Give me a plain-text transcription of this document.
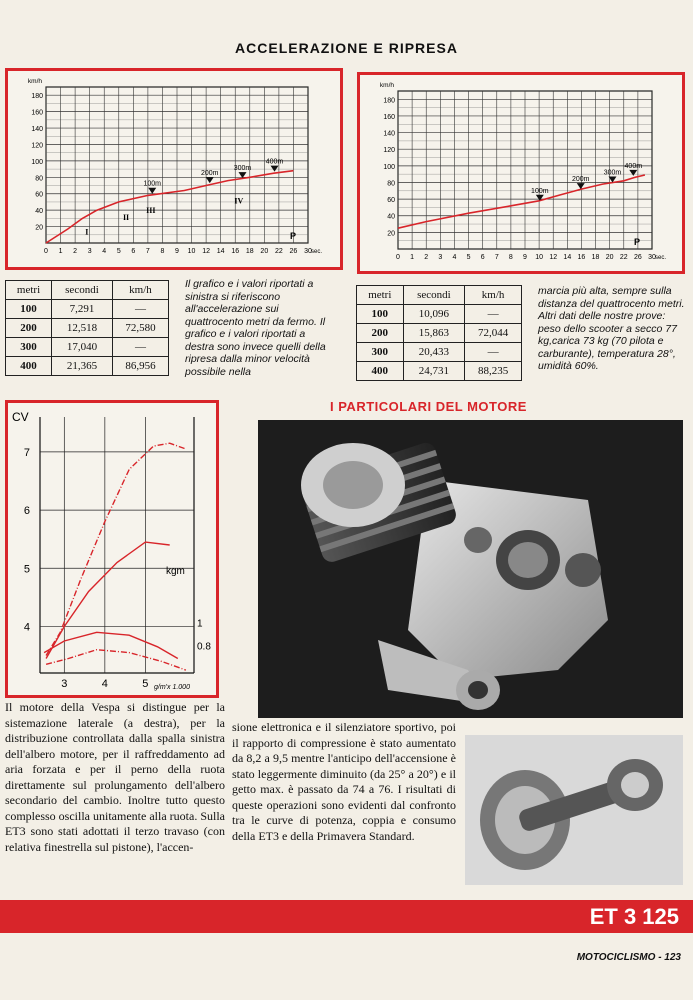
ACCELERAZIONE E RIPRESA
180
160
140
120
100
80
60
40
20
0 1 2 3 4 5 6 7 8 9 10 12 14 16 18 20 22 26 30
km/h
sec.
100m
200m
300m
400m
I
II
III
IV
P
180
160
140
120
100
80
60
40
20
0 1 2 3 4 5 6 7 8 9 10 12 14 16 18 20 22 26 30
km/h
sec.
100m
200m
300m
400m
P
metri	secondi	km/h
100	7,291	—
200	12,518	72,580
300	17,040	—
400	21,365	86,956
Il grafico e i valori riportati a sinistra si riferiscono all'accelerazione sui quattrocento metri da fermo. Il grafico e i valori riportati a destra sono invece quelli della ripresa dalla minor velocità possibile nella
metri	secondi	km/h
100	10,096	—
200	15,863	72,044
300	20,433	—
400	24,731	88,235
marcia più alta, sempre sulla distanza del quattrocento metri. Altri dati delle nostre prove: peso dello scooter a secco 77 kg,carica 73 kg (70 pilota e carburante), temperatura 28°, umidità 60%.
4
5
6
7
3	4	5
CV
kgm
1
0.8
g/m'x 1.000
I PARTICOLARI DEL MOTORE
Il motore della Vespa si distingue per la sistemazione laterale (a destra), per la distribuzione controllata dalla spalla sinistra dell'albero motore, per il raffreddamento ad aria forzata e per il perno della ruota direttamente sul prolungamento dell'albero secondario del cambio. Inoltre tutto questo complesso oscilla unitamente alla ruota. Sulla ET3 sono stati adottati il terzo travaso (con relativa finestrella sul pistone), l'accen-
sione elettronica e il silenziatore sportivo, poi il rapporto di compressione è stato aumentato da 8,2 a 9,5 mentre l'anticipo dell'accensione è stato leggermente diminuito (da 25° a 20°) e il getto max. è passato da 74 a 76. I risultati di queste operazioni sono evidenti dal confronto tra le curve di potenza, coppia e consumo della ET3 e della Primavera Standard.
ET 3 125
MOTOCICLISMO - 123
